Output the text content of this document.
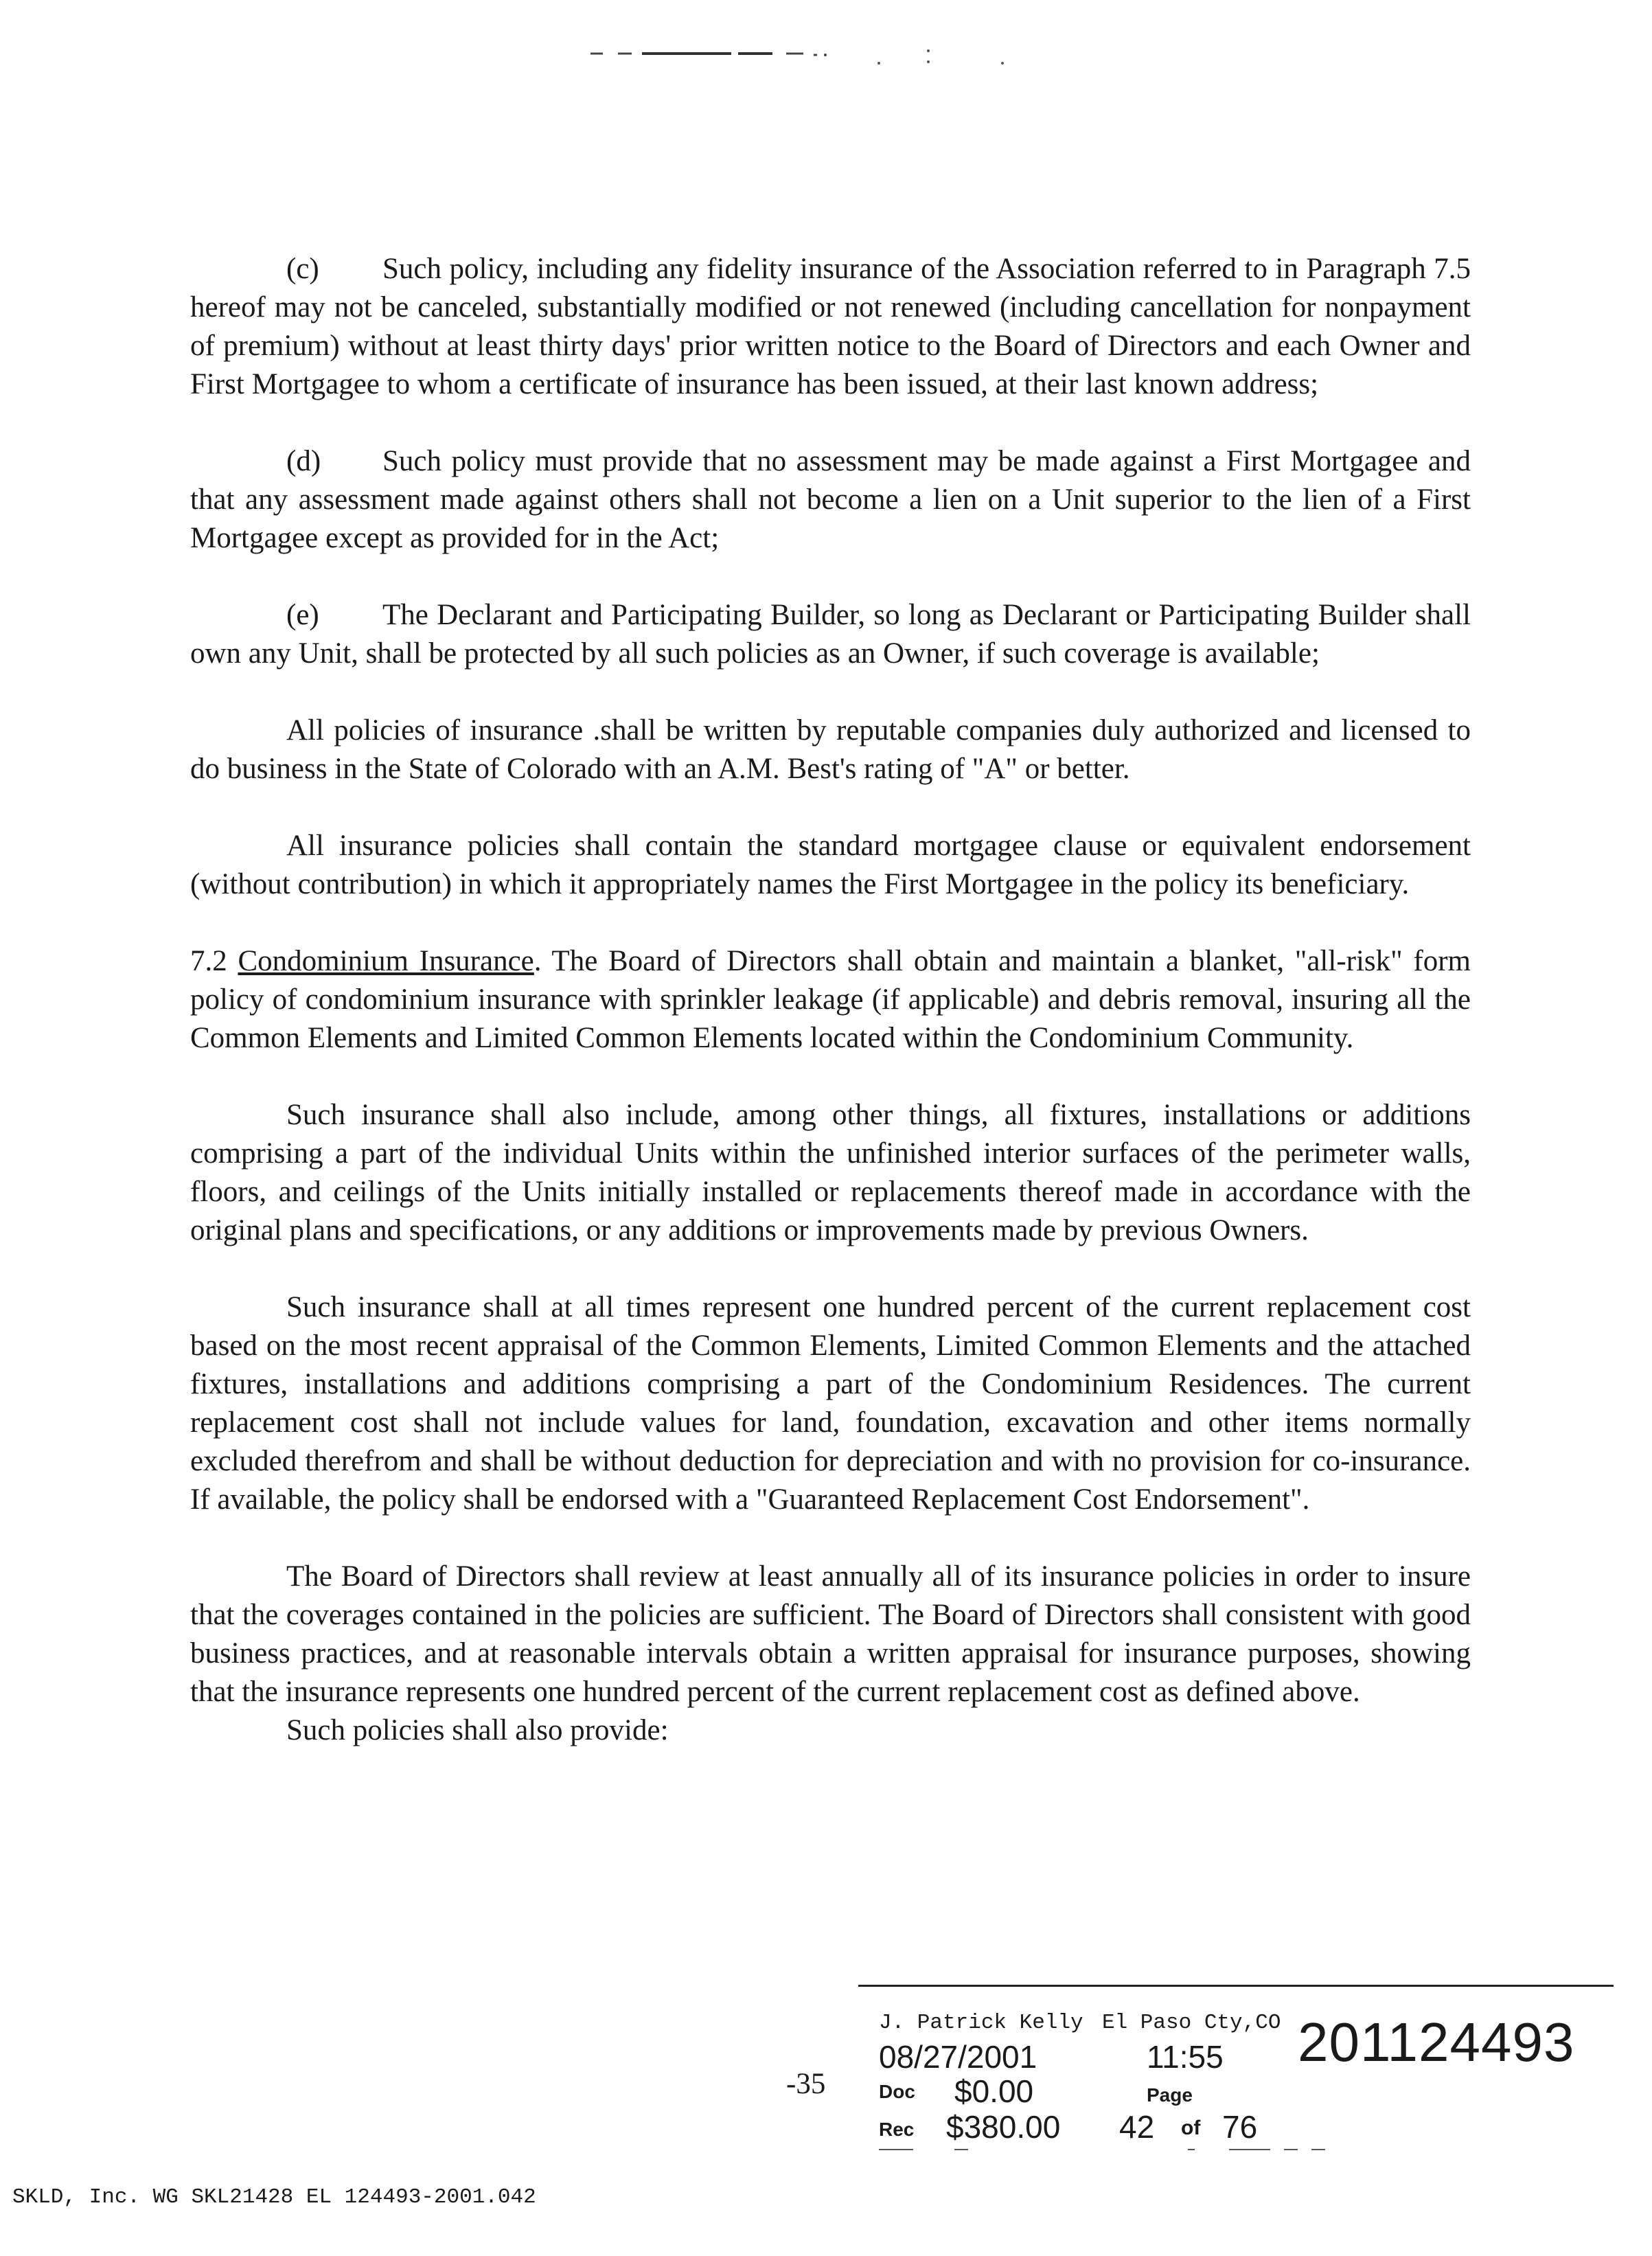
(c) Such policy, including any fidelity insurance of the Association referred to in Paragraph 7.5 hereof may not be canceled, substantially modified or not renewed (including cancellation for nonpayment of premium) without at least thirty days' prior written notice to the Board of Directors and each Owner and First Mortgagee to whom a certificate of insurance has been issued, at their last known address;

(d) Such policy must provide that no assessment may be made against a First Mortgagee and that any assessment made against others shall not become a lien on a Unit superior to the lien of a First Mortgagee except as provided for in the Act;

(e) The Declarant and Participating Builder, so long as Declarant or Participating Builder shall own any Unit, shall be protected by all such policies as an Owner, if such coverage is available;

All policies of insurance .shall be written by reputable companies duly authorized and licensed to do business in the State of Colorado with an A.M. Best's rating of "A" or better.

All insurance policies shall contain the standard mortgagee clause or equivalent endorsement (without contribution) in which it appropriately names the First Mortgagee in the policy its beneficiary.

7.2 Condominium Insurance. The Board of Directors shall obtain and maintain a blanket, "all-risk" form policy of condominium insurance with sprinkler leakage (if applicable) and debris removal, insuring all the Common Elements and Limited Common Elements located within the Condominium Community.

Such insurance shall also include, among other things, all fixtures, installations or additions comprising a part of the individual Units within the unfinished interior surfaces of the perimeter walls, floors, and ceilings of the Units initially installed or replacements thereof made in accordance with the original plans and specifications, or any additions or improvements made by previous Owners.

Such insurance shall at all times represent one hundred percent of the current replacement cost based on the most recent appraisal of the Common Elements, Limited Common Elements and the attached fixtures, installations and additions comprising a part of the Condominium Residences. The current replacement cost shall not include values for land, foundation, excavation and other items normally excluded therefrom and shall be without deduction for depreciation and with no provision for co-insurance. If available, the policy shall be endorsed with a "Guaranteed Replacement Cost Endorsement".

The Board of Directors shall review at least annually all of its insurance policies in order to insure that the coverages contained in the policies are sufficient. The Board of Directors shall consistent with good business practices, and at reasonable intervals obtain a written appraisal for insurance purposes, showing that the insurance represents one hundred percent of the current replacement cost as defined above.

Such policies shall also provide:

-35
J. Patrick Kelly El Paso Cty,CO 201124493
08/27/2001	11:55
Doc $0.00	Page
Rec $380.00 42 of 76
SKLD, Inc. WG SKL21428 EL 124493-2001.042
